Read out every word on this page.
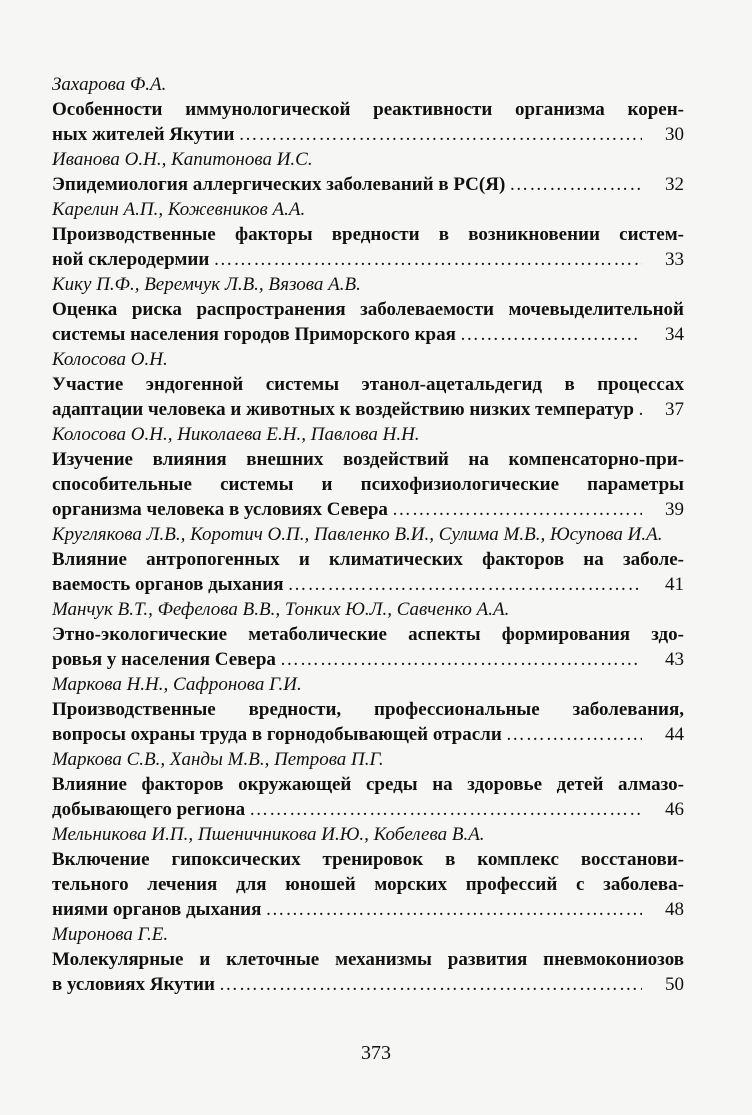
Захарова Ф.А.

Особенности иммунологической реактивности организма корен-
ных жителей Якутии ………………………………………………………………………………………………………………………………	30

Иванова О.Н., Капитонова И.С.

Эпидемиология аллергических заболеваний в РС(Я) ………………………………………………………………………………………………………………………………	32

Карелин А.П., Кожевников А.А.

Производственные факторы вредности в возникновении систем-
ной склеродермии ………………………………………………………………………………………………………………………………	33

Кику П.Ф., Веремчук Л.В., Вязова А.В.

Оценка риска распространения заболеваемости мочевыделительной
системы населения городов Приморского края ………………………………………………………………………………………………………………………………	34

Колосова О.Н.

Участие эндогенной системы этанол-ацетальдегид в процессах
адаптации человека и животных к воздействию низких температур ………………………………………………………………………………………………………………………………	37

Колосова О.Н., Николаева Е.Н., Павлова Н.Н.

Изучение влияния внешних воздействий на компенсаторно-при-
способительные системы и психофизиологические параметры
организма человека в условиях Севера ………………………………………………………………………………………………………………………………	39

Круглякова Л.В., Коротич О.П., Павленко В.И., Сулима М.В., Юсупова И.А.

Влияние антропогенных и климатических факторов на заболе-
ваемость органов дыхания ………………………………………………………………………………………………………………………………	41

Манчук В.Т., Фефелова В.В., Тонких Ю.Л., Савченко А.А.

Этно-экологические метаболические аспекты формирования здо-
ровья у населения Севера ………………………………………………………………………………………………………………………………	43

Маркова Н.Н., Сафронова Г.И.

Производственные вредности, профессиональные заболевания,
вопросы охраны труда в горнодобывающей отрасли ………………………………………………………………………………………………………………………………	44

Маркова С.В., Ханды М.В., Петрова П.Г.

Влияние факторов окружающей среды на здоровье детей алмазо-
добывающего региона ………………………………………………………………………………………………………………………………	46

Мельникова И.П., Пшеничникова И.Ю., Кобелева В.А.

Включение гипоксических тренировок в комплекс восстанови-
тельного лечения для юношей морских профессий с заболева-
ниями органов дыхания ………………………………………………………………………………………………………………………………	48

Миронова Г.Е.

Молекулярные и клеточные механизмы развития пневмокониозов
в условиях Якутии ………………………………………………………………………………………………………………………………	50
373
